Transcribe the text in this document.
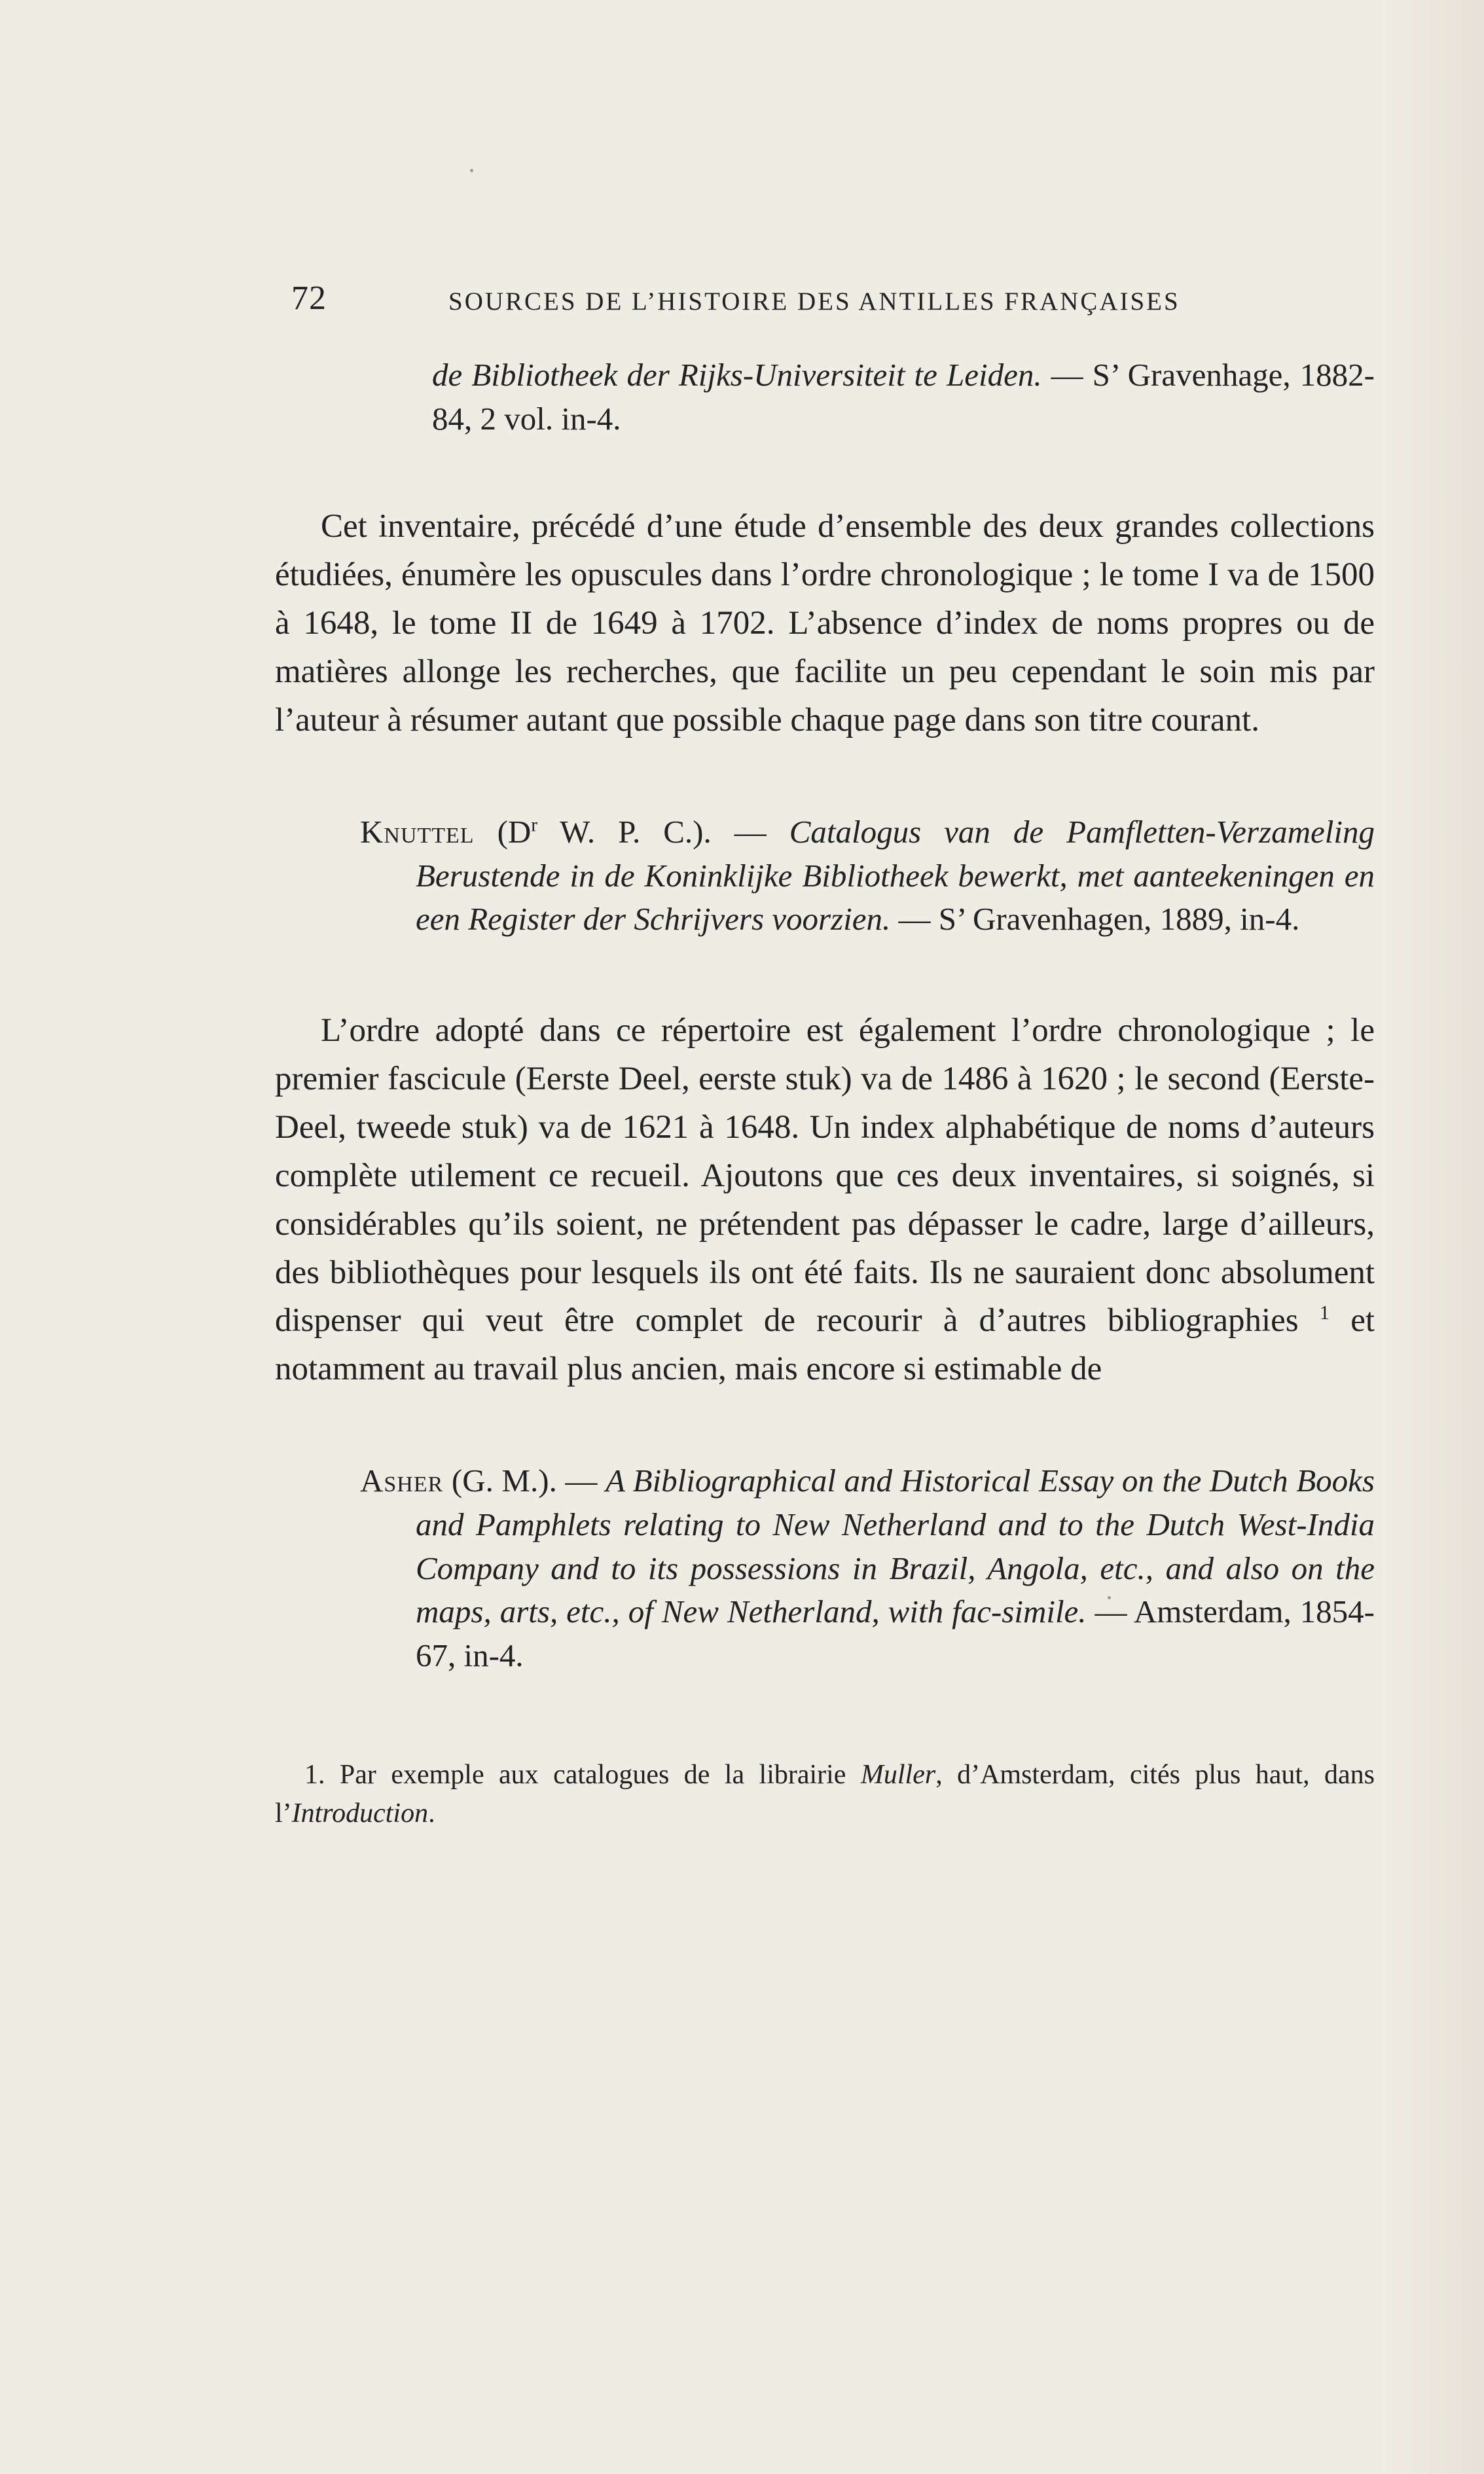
72	SOURCES DE L’HISTOIRE DES ANTILLES FRANÇAISES
de Bibliotheek der Rijks-Universiteit te Leiden. — S’ Gravenhage, 1882-84, 2 vol. in-4.

Cet inventaire, précédé d’une étude d’ensemble des deux grandes collections étudiées, énumère les opuscules dans l’ordre chronologique ; le tome I va de 1500 à 1648, le tome II de 1649 à 1702. L’absence d’index de noms propres ou de matières allonge les recherches, que facilite un peu cependant le soin mis par l’auteur à résumer autant que possible chaque page dans son titre courant.

Knuttel ($D^r$ W. P. C.). — Catalogus van de Pamfletten-Verzameling Berustende in de Koninklijke Bibliotheek bewerkt, met aanteekeningen en een Register der Schrijvers voorzien. — S’ Gravenhagen, 1889, in-4.

L’ordre adopté dans ce répertoire est également l’ordre chronologique ; le premier fascicule (Eerste Deel, eerste stuk) va de 1486 à 1620 ; le second (Eerste-Deel, tweede stuk) va de 1621 à 1648. Un index alphabétique de noms d’auteurs complète utilement ce recueil. Ajoutons que ces deux inventaires, si soignés, si considérables qu’ils soient, ne prétendent pas dépasser le cadre, large d’ailleurs, des bibliothèques pour lesquels ils ont été faits. Ils ne sauraient donc absolument dispenser qui veut être complet de recourir à d’autres bibliographies $^1$ et notamment au travail plus ancien, mais encore si estimable de

Asher (G. M.). — A Bibliographical and Historical Essay on the Dutch Books and Pamphlets relating to New Netherland and to the Dutch West-India Company and to its possessions in Brazil, Angola, etc., and also on the maps, arts, etc., of New Netherland, with fac-simile. — Amsterdam, 1854-67, in-4.
1. Par exemple aux catalogues de la librairie Muller, d’Amsterdam, cités plus haut, dans l’Introduction.
